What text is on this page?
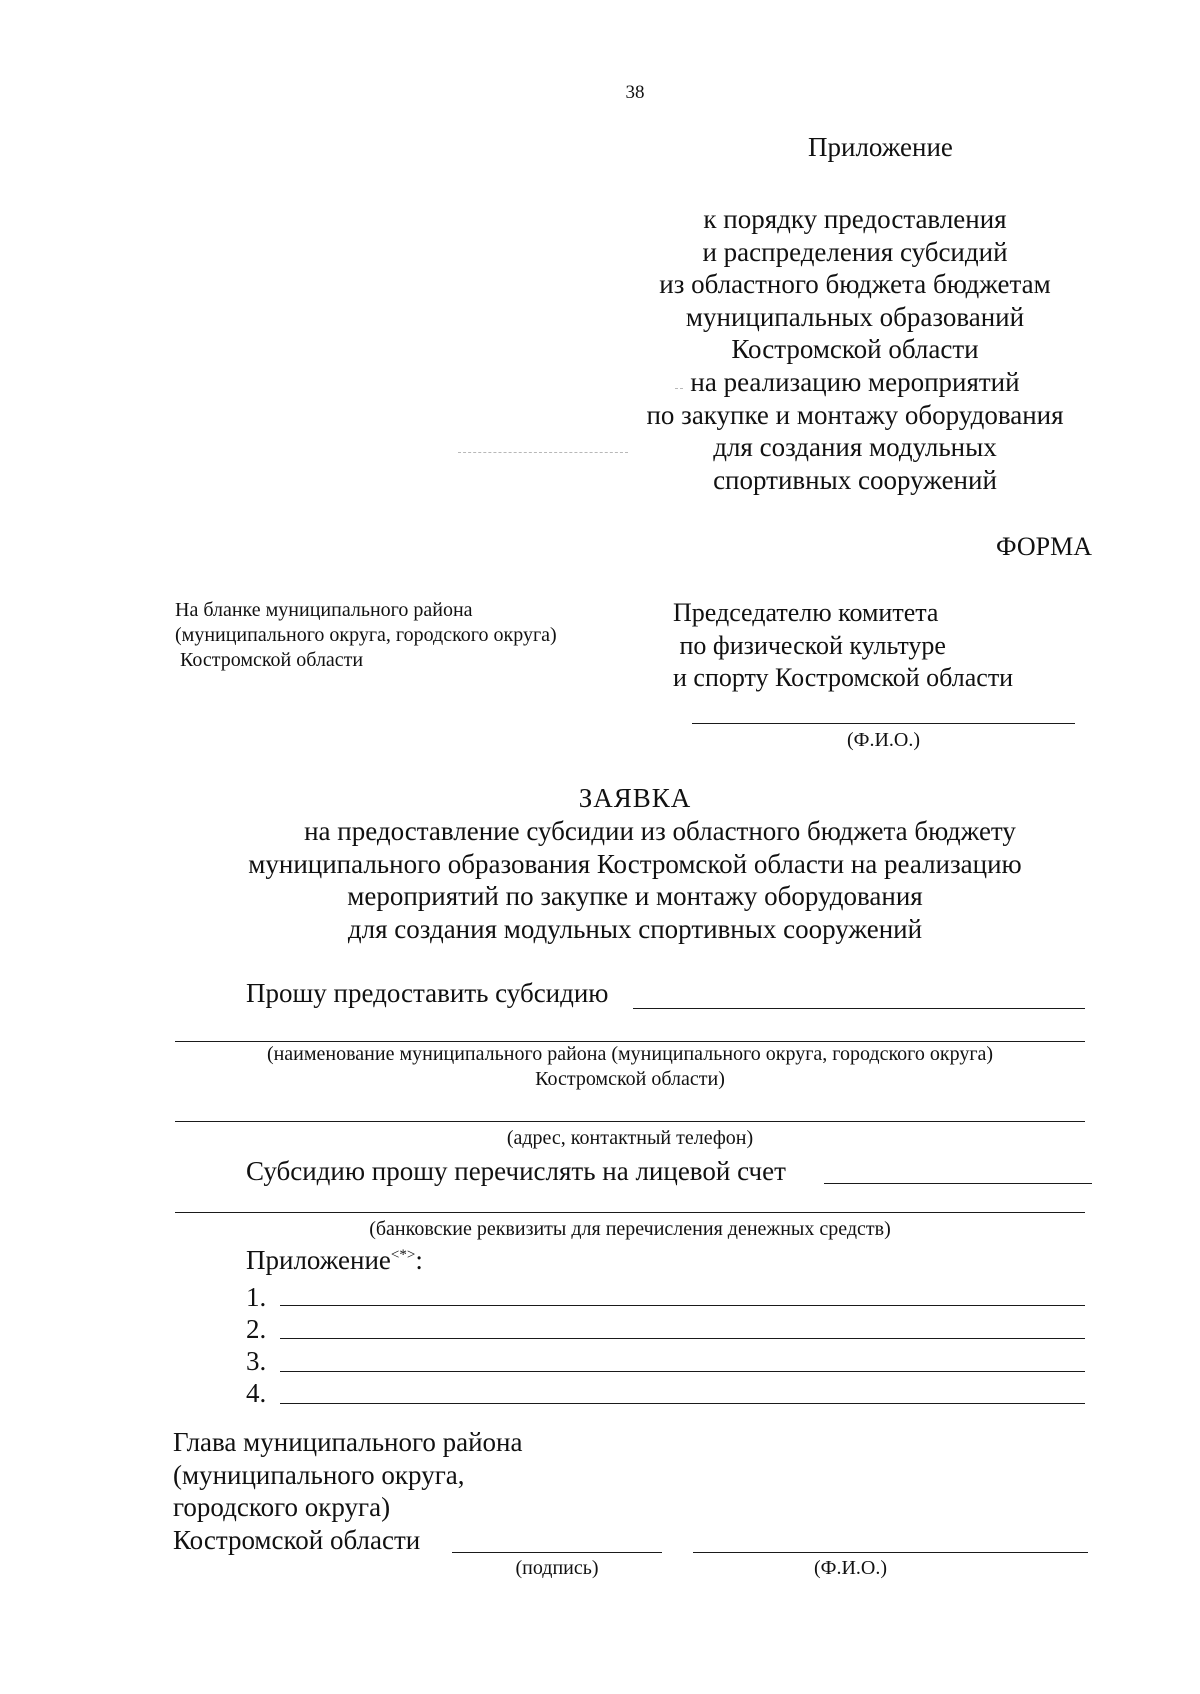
38
Приложение
к порядку предоставления
и распределения субсидий
из областного бюджета бюджетам
муниципальных образований
Костромской области
на реализацию мероприятий
по закупке и монтажу оборудования
для создания модульных
спортивных сооружений
ФОРМА
На бланке муниципального района
(муниципального округа, городского округа)
Костромской области
Председателю комитета
по физической культуре
и спорту Костромской области
(Ф.И.О.)
ЗАЯВКА
на предоставление субсидии из областного бюджета бюджету
муниципального образования Костромской области на реализацию
мероприятий по закупке и монтажу оборудования
для создания модульных спортивных сооружений
Прошу предоставить субсидию
(наименование муниципального района (муниципального округа, городского округа)
Костромской области)
(адрес, контактный телефон)
Субсидию прошу перечислять на лицевой счет
(банковские реквизиты для перечисления денежных средств)
Приложение<*>:
1.
2.
3.
4.
Глава муниципального района
(муниципального округа,
городского округа)
Костромской области
(подпись)	(Ф.И.О.)
